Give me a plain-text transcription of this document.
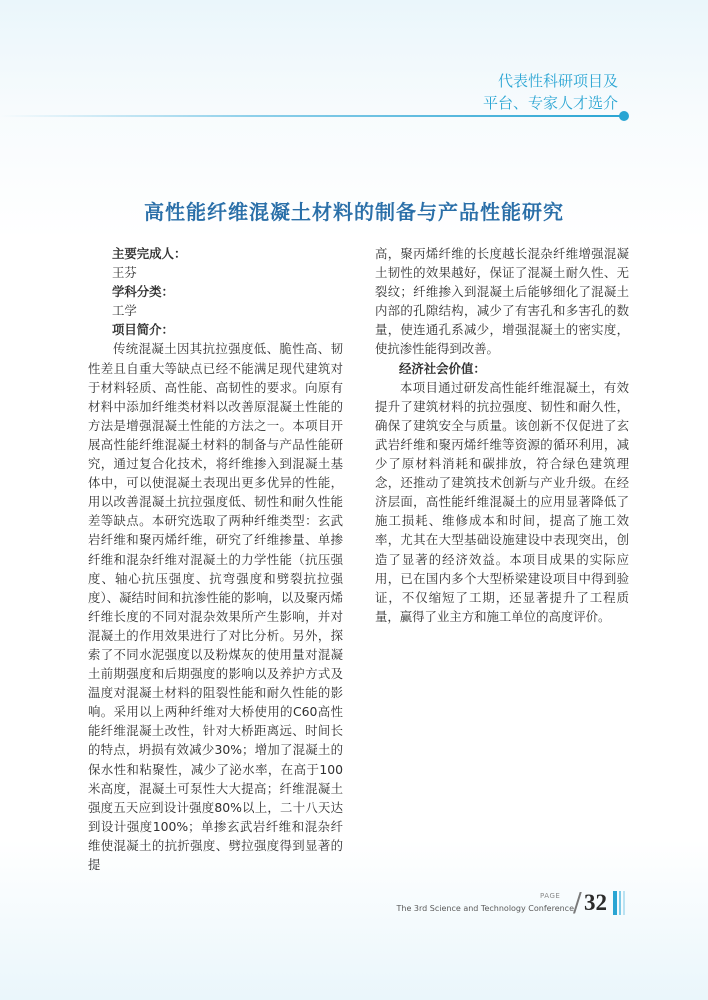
代表性科研项目及
平台、专家人才选介
高性能纤维混凝土材料的制备与产品性能研究
主要完成人：
王芬
学科分类：
工学
项目简介：

传统混凝土因其抗拉强度低、脆性高、韧性差且自重大等缺点已经不能满足现代建筑对于材料轻质、高性能、高韧性的要求。向原有材料中添加纤维类材料以改善原混凝土性能的方法是增强混凝土性能的方法之一。本项目开展高性能纤维混凝土材料的制备与产品性能研究，通过复合化技术，将纤维掺入到混凝土基体中，可以使混凝土表现出更多优异的性能，用以改善混凝土抗拉强度低、韧性和耐久性能差等缺点。本研究选取了两种纤维类型：玄武岩纤维和聚丙烯纤维，研究了纤维掺量、单掺纤维和混杂纤维对混凝土的力学性能（抗压强度、轴心抗压强度、抗弯强度和劈裂抗拉强度）、凝结时间和抗渗性能的影响，以及聚丙烯纤维长度的不同对混杂效果所产生影响，并对混凝土的作用效果进行了对比分析。另外，探索了不同水泥强度以及粉煤灰的使用量对混凝土前期强度和后期强度的影响以及养护方式及温度对混凝土材料的阻裂性能和耐久性能的影响。采用以上两种纤维对大桥使用的C60高性能纤维混凝土改性，针对大桥距离远、时间长的特点，坍损有效减少30%；增加了混凝土的保水性和粘聚性，减少了泌水率，在高于100米高度，混凝土可泵性大大提高；纤维混凝土强度五天应到设计强度80%以上，二十八天达到设计强度100%；单掺玄武岩纤维和混杂纤维使混凝土的抗折强度、劈拉强度得到显著的提

高，聚丙烯纤维的长度越长混杂纤维增强混凝土韧性的效果越好，保证了混凝土耐久性、无裂纹；纤维掺入到混凝土后能够细化了混凝土内部的孔隙结构，减少了有害孔和多害孔的数量，使连通孔系减少，增强混凝土的密实度，使抗渗性能得到改善。

经济社会价值：

本项目通过研发高性能纤维混凝土，有效提升了建筑材料的抗拉强度、韧性和耐久性，确保了建筑安全与质量。该创新不仅促进了玄武岩纤维和聚丙烯纤维等资源的循环利用，减少了原材料消耗和碳排放，符合绿色建筑理念，还推动了建筑技术创新与产业升级。在经济层面，高性能纤维混凝土的应用显著降低了施工损耗、维修成本和时间，提高了施工效率，尤其在大型基础设施建设中表现突出，创造了显著的经济效益。本项目成果的实际应用，已在国内多个大型桥梁建设项目中得到验证，不仅缩短了工期，还显著提升了工程质量，赢得了业主方和施工单位的高度评价。

PAGE
The 3rd Science and Technology Conference / 32
